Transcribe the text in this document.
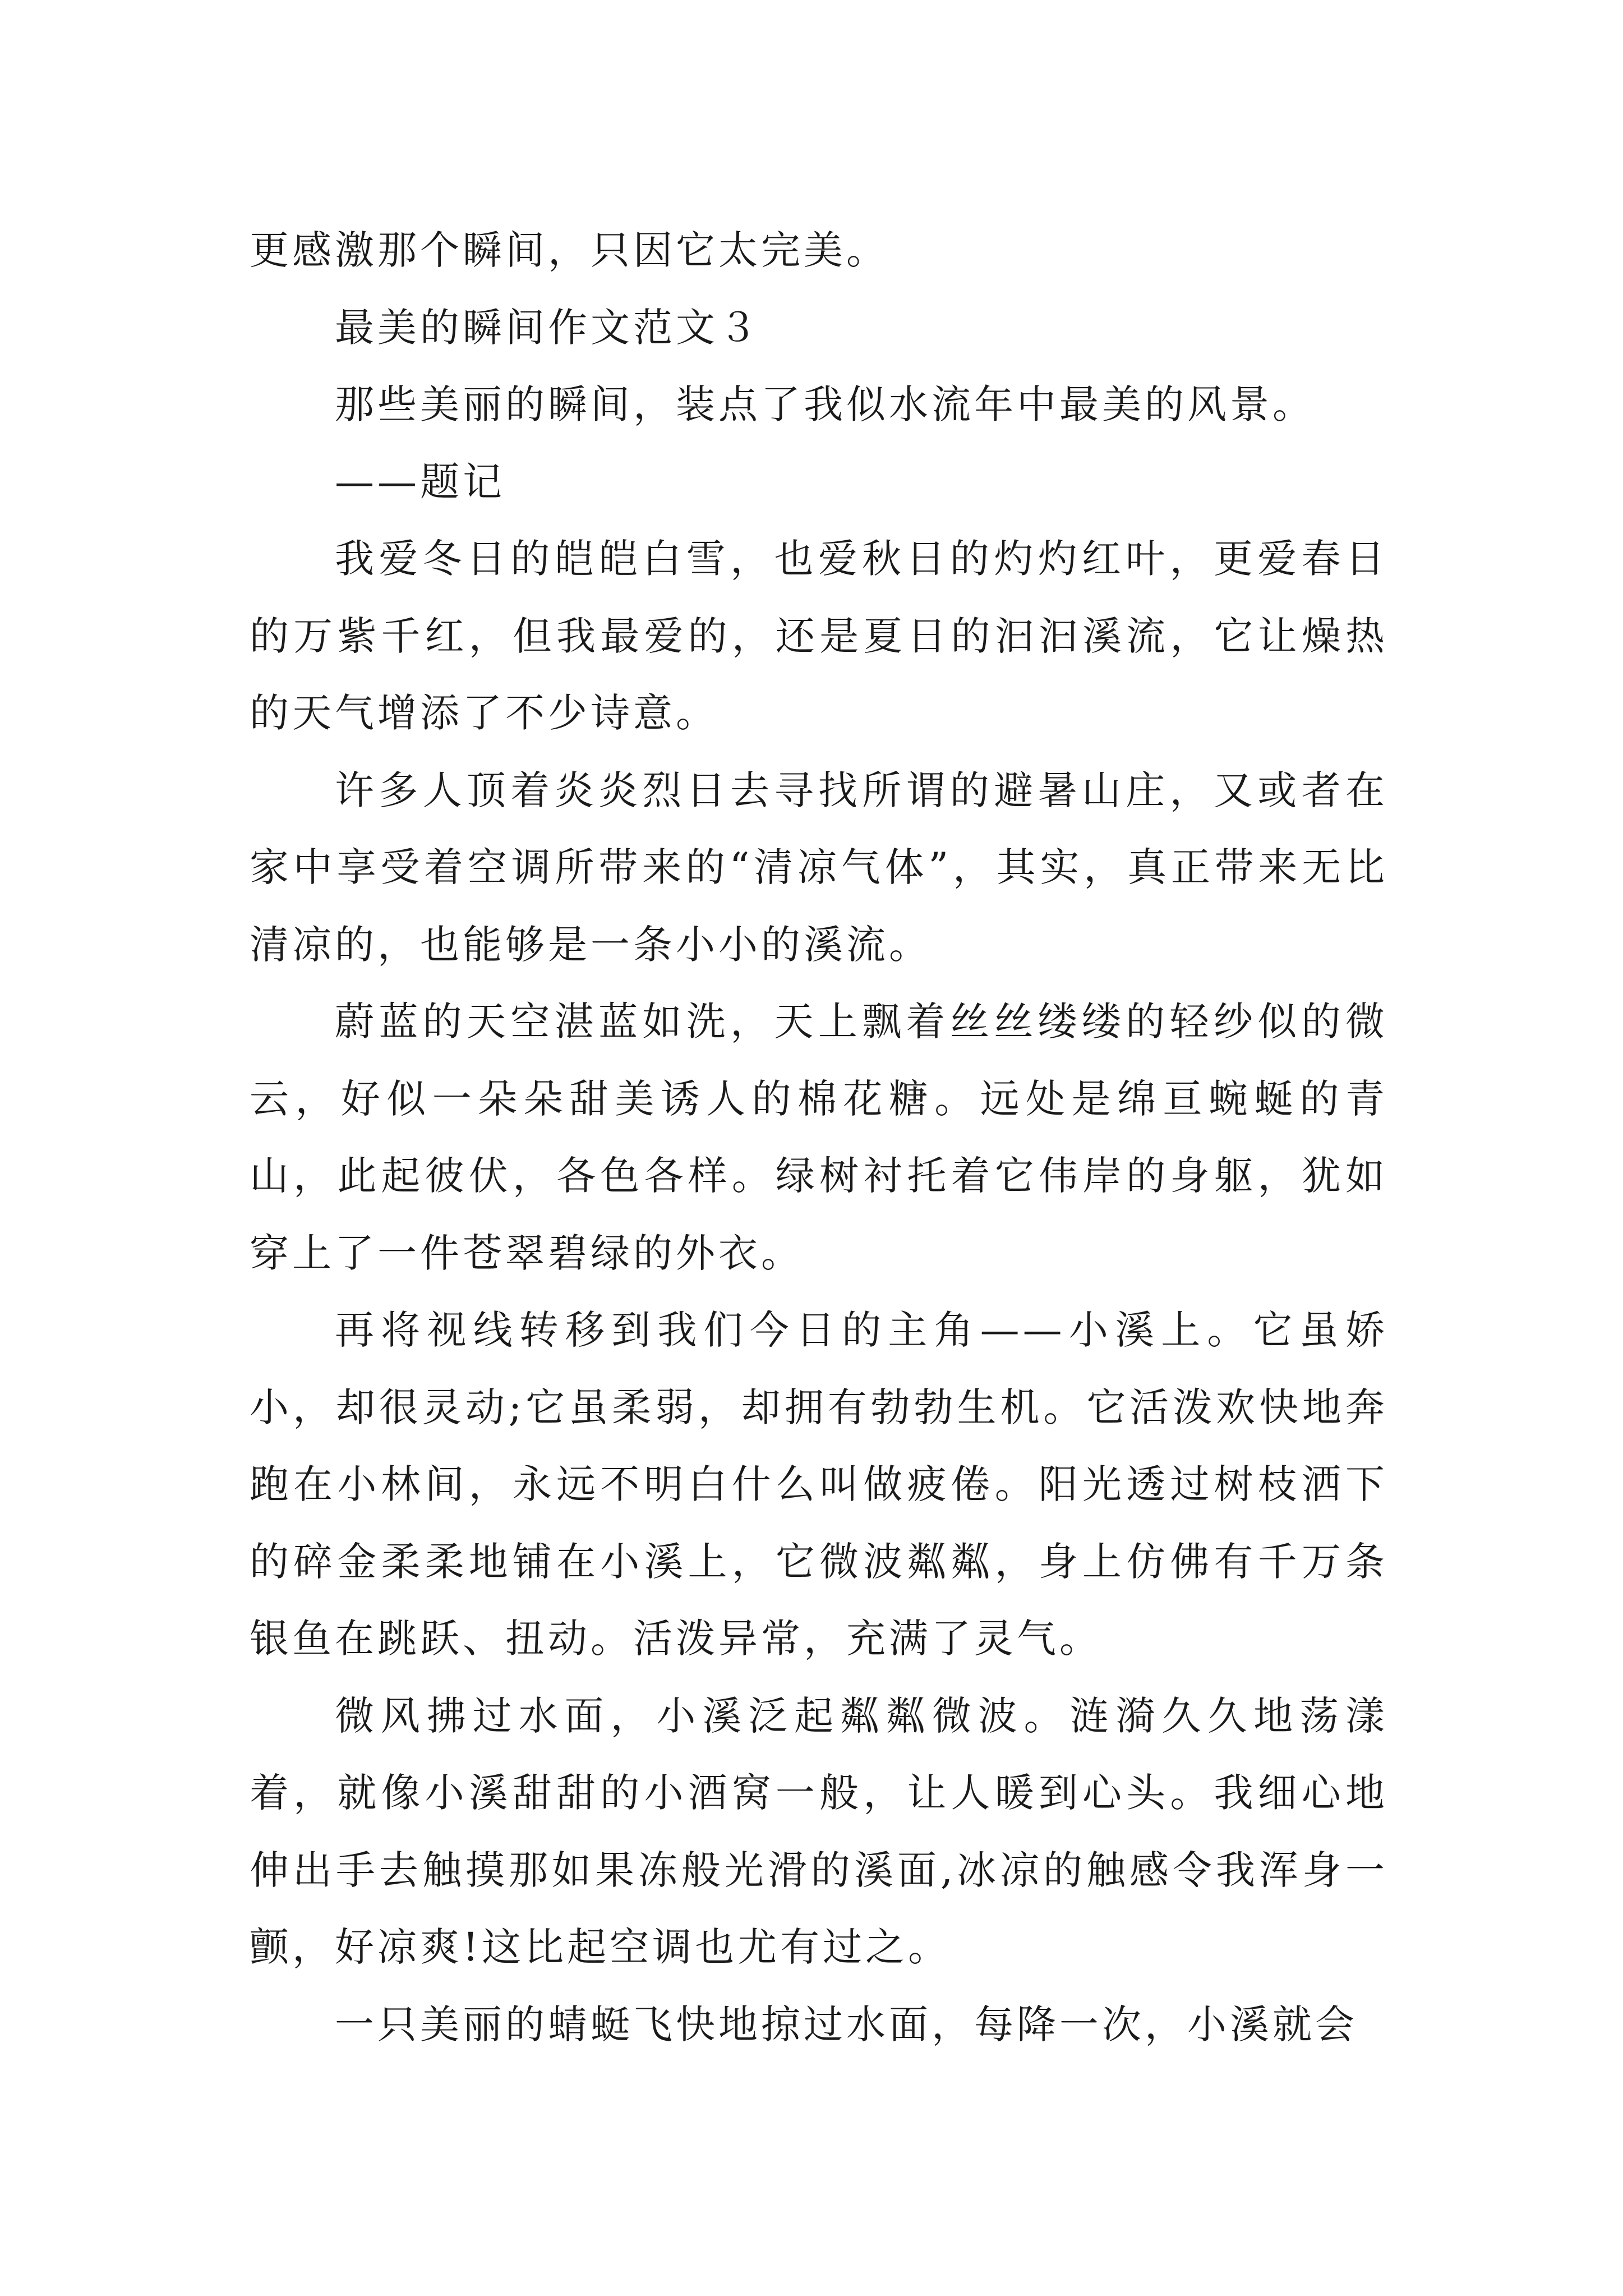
更感激那个瞬间，只因它太完美。

最美的瞬间作文范文３

那些美丽的瞬间，装点了我似水流年中最美的风景。

——题记

我爱冬日的皑皑白雪，也爱秋日的灼灼红叶，更爱春日的万紫千红，但我最爱的，还是夏日的汩汩溪流，它让燥热的天气增添了不少诗意。

许多人顶着炎炎烈日去寻找所谓的避暑山庄，又或者在家中享受着空调所带来的“清凉气体”，其实，真正带来无比清凉的，也能够是一条小小的溪流。

蔚蓝的天空湛蓝如洗，天上飘着丝丝缕缕的轻纱似的微云，好似一朵朵甜美诱人的棉花糖。远处是绵亘蜿蜒的青山，此起彼伏，各色各样。绿树衬托着它伟岸的身躯，犹如穿上了一件苍翠碧绿的外衣。

再将视线转移到我们今日的主角——小溪上。它虽娇小，却很灵动;它虽柔弱，却拥有勃勃生机。它活泼欢快地奔跑在小林间，永远不明白什么叫做疲倦。阳光透过树枝洒下的碎金柔柔地铺在小溪上，它微波粼粼，身上仿佛有千万条银鱼在跳跃、扭动。活泼异常，充满了灵气。

微风拂过水面，小溪泛起粼粼微波。涟漪久久地荡漾着，就像小溪甜甜的小酒窝一般，让人暖到心头。我细心地伸出手去触摸那如果冻般光滑的溪面,冰凉的触感令我浑身一颤，好凉爽!这比起空调也尤有过之。

一只美丽的蜻蜓飞快地掠过水面，每降一次，小溪就会
